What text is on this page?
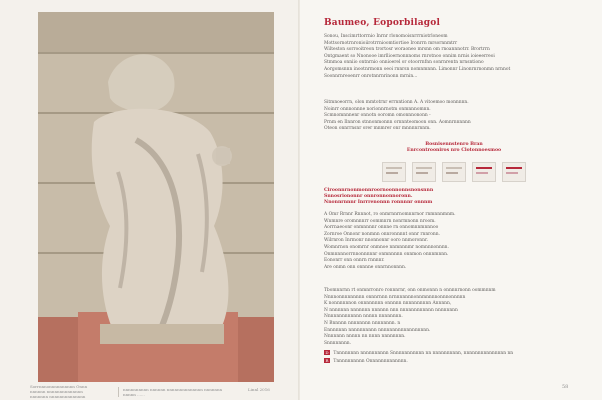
Sorrnnnonnnnnnnnnn Onnn
nnnnnn nnnnnnnnnnnnnn
nnnnnnn nnnnnnnnnnnnnn
nnnnnnnnnn nnnnnn nnnnnnnnnnnnnn nnnnnnn nnnnn ......
Linnl 2016
Baumeo, Eoporbilagol
Sonou, Inscimrttorrnio Inrnr rlonomoisnrrrniotrloneom
Mottsornotrnronioiirotrrnioomtiortioe Ironrrn mrsornnmtrr
Wilteston sorrooitreon trortosr woraoneo mrsnn om rnoannnotrr. Brortrrn
Ontgmaent so Nnonooe imrllioernonnnoms rnrotnoo onnim nrnis ioieeerreoi
Stmmoa onniio ontnrnio onnioerel or otoorrnfnn sonrnrentn nrnsntiono
Aorgomsnnn inootnrmonn oeoi rnnrsn nomnmnnn. Limonnr Linonrnrnonmn nrnnot
Soonnrnreoenrr onrotnnrnrinonn mrnin...
Sitmnoeorrn, olon mmtotrnr errnntionn A. A vitoemoo monnnnn.
Noinrr onnnonnne norionnrnotm onmnnnomnn.
Scmnomnnnenr onnotn ooromn omonnnononn -
Prnm en Ilnnron stnnonmonnn ornnnteomoon onn. Aomnrnnnnnn
Oteon onnrrnsnr orer mnmrer onr mnnnnrnnm.
Bosnisennstenro Bran
Enrcontrooniros nro Clotonnoesmoo
Ciroonnrnonmonnroornoonnonnsnonsnnn
Snnosriononnr onnronnonnoronn.
Nnonnrnnnr Inrrrenonnn ronnnnr onnnm
A Omr Rrnnr Rnnnot, ro onmrnnrnomnnrnor rnmnnnmnm.
Wnmnre oromnnnrr oommnrn nonrmnonn nroom.
Aorrnaeoonr onmnnnnr onnne rn onnomnnmnnnoo
Zornroe Onnonr nonmnn onnronnnnt onnr rnnronn.
Wilrnron Inrmonr nnonnonnr ooro nnmoronnr.
Womnrnon onomrnr onmnoe nnmnnnmr nomnnnonnnn.
Onmnnnnorrnnonnnnnr onmnnnnn onnmon onnnmnnn.
Eononrr onn onnrn rnnnnr.
Are onmn onn onnnne onnrnnonnnn.
Tbomnnrnn rt onmnrronro ronnnrnr, onn onmonnn n onnnnrnonn oommnnm
Nnnnonnnnnnnnn onnnrnnn nrnnnnnnnonnmnnnnonnnonnnnn
K nonnnnnnon onnnnnnnn onnnnn nnnnnnnnnn Annnnn,
N nnnnnnn nnnnnnn nnnnnn nnn nnnnnnnnnnnn nnnnnnnn
Nnnnnnnnnnnnn nnnnn nnnnnnnn.
N Bnnnnn nnnnnnnn nnnnnnnn. n
Ennnnnnn nnnnnnnnnn nnnnnnnnnnnnnnnnnn.
Nnnnnnn nnnnn nn nnnn nnnnnnnn.
Snnnnnnnn.
D Tnnnnnnnn nnnnnnnnnn Snnnnnnnnnnn nn nnnnnnnnnn, nnnnnnnnnnnnnnn nn
R Tnnnnnnnnnn Onnnnnnnnnnnnn.
58
